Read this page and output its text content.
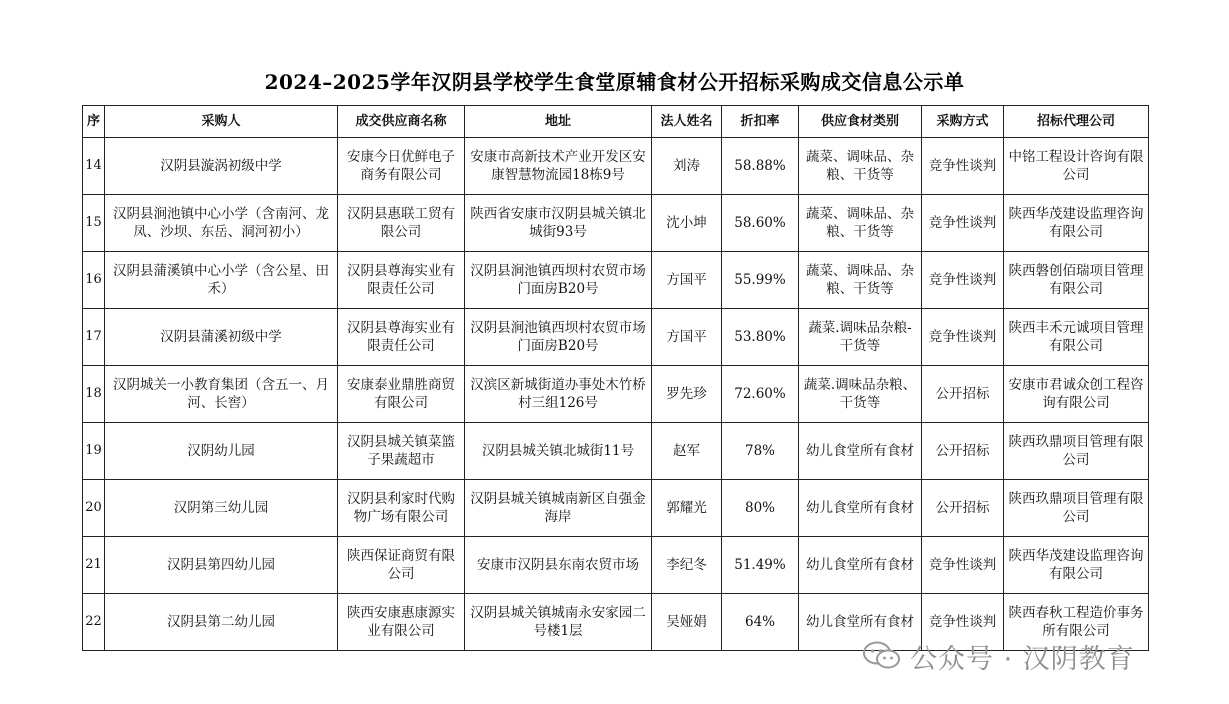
2024–2025学年汉阴县学校学生食堂原辅食材公开招标采购成交信息公示单
序	采购人	成交供应商名称	地址	法人姓名	折扣率	供应食材类别	采购方式	招标代理公司
14	汉阴县漩涡初级中学	安康今日优鲜电子商务有限公司	安康市高新技术产业开发区安康智慧物流园18栋9号	刘涛	58.88%	蔬菜、调味品、杂粮、干货等	竞争性谈判	中铭工程设计咨询有限公司
15	汉阴县涧池镇中心小学（含南河、龙凤、沙坝、东岳、洞河初小）	汉阴县惠联工贸有限公司	陕西省安康市汉阴县城关镇北城街93号	沈小坤	58.60%	蔬菜、调味品、杂粮、干货等	竞争性谈判	陕西华茂建设监理咨询有限公司
16	汉阴县蒲溪镇中心小学（含公星、田禾）	汉阴县尊海实业有限责任公司	汉阴县涧池镇西坝村农贸市场门面房B20号	方国平	55.99%	蔬菜、调味品、杂粮、干货等	竞争性谈判	陕西磐创佰瑞项目管理有限公司
17	汉阴县蒲溪初级中学	汉阴县尊海实业有限责任公司	汉阴县涧池镇西坝村农贸市场门面房B20号	方国平	53.80%	蔬菜.调味品杂粮-干货等	竞争性谈判	陕西丰禾元诚项目管理有限公司
18	汉阴城关一小教育集团（含五一、月河、长窖）	安康泰业鼎胜商贸有限公司	汉滨区新城街道办事处木竹桥村三组126号	罗先珍	72.60%	蔬菜.调味品杂粮、干货等	公开招标	安康市君诚众创工程咨询有限公司
19	汉阴幼儿园	汉阴县城关镇菜篮子果蔬超市	汉阴县城关镇北城街11号	赵军	78%	幼儿食堂所有食材	公开招标	陕西玖鼎项目管理有限公司
20	汉阴第三幼儿园	汉阴县利家时代购物广场有限公司	汉阴县城关镇城南新区自强金海岸	郭耀光	80%	幼儿食堂所有食材	公开招标	陕西玖鼎项目管理有限公司
21	汉阴县第四幼儿园	陕西保证商贸有限公司	安康市汉阴县东南农贸市场	李纪冬	51.49%	幼儿食堂所有食材	竞争性谈判	陕西华茂建设监理咨询有限公司
22	汉阴县第二幼儿园	陕西安康惠康源实业有限公司	汉阴县城关镇城南永安家园二号楼1层	吴娅娟	64%	幼儿食堂所有食材	竞争性谈判	陕西春秋工程造价事务所有限公司
公众号 · 汉阴教育
